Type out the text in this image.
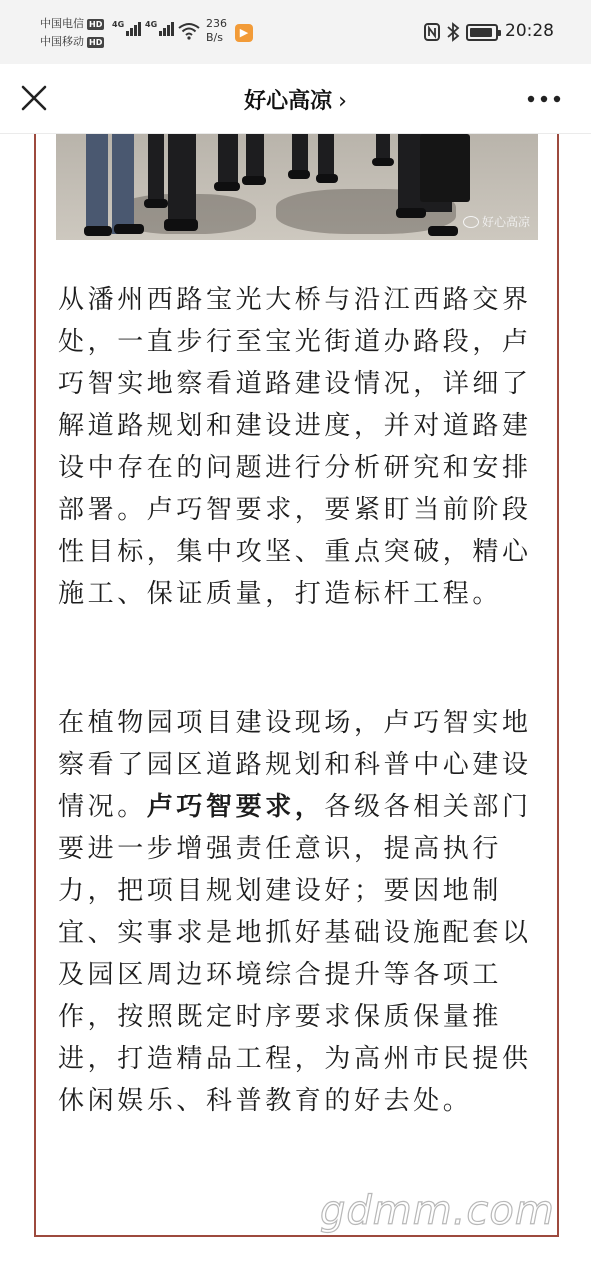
中国电信 HD
中国移动 HD
4G	4G	236
B/s	▶	20:28
好心高凉 ›
好心高凉

从潘州西路宝光大桥与沿江西路交界处，一直步行至宝光街道办路段，卢巧智实地察看道路建设情况，详细了解道路规划和建设进度，并对道路建设中存在的问题进行分析研究和安排部署。卢巧智要求，要紧盯当前阶段性目标，集中攻坚、重点突破，精心施工、保证质量，打造标杆工程。

在植物园项目建设现场，卢巧智实地察看了园区道路规划和科普中心建设情况。卢巧智要求，各级各相关部门要进一步增强责任意识，提高执行力，把项目规划建设好；要因地制宜、实事求是地抓好基础设施配套以及园区周边环境综合提升等各项工作，按照既定时序要求保质保量推进，打造精品工程，为高州市民提供休闲娱乐、科普教育的好去处。

gdmm.com
